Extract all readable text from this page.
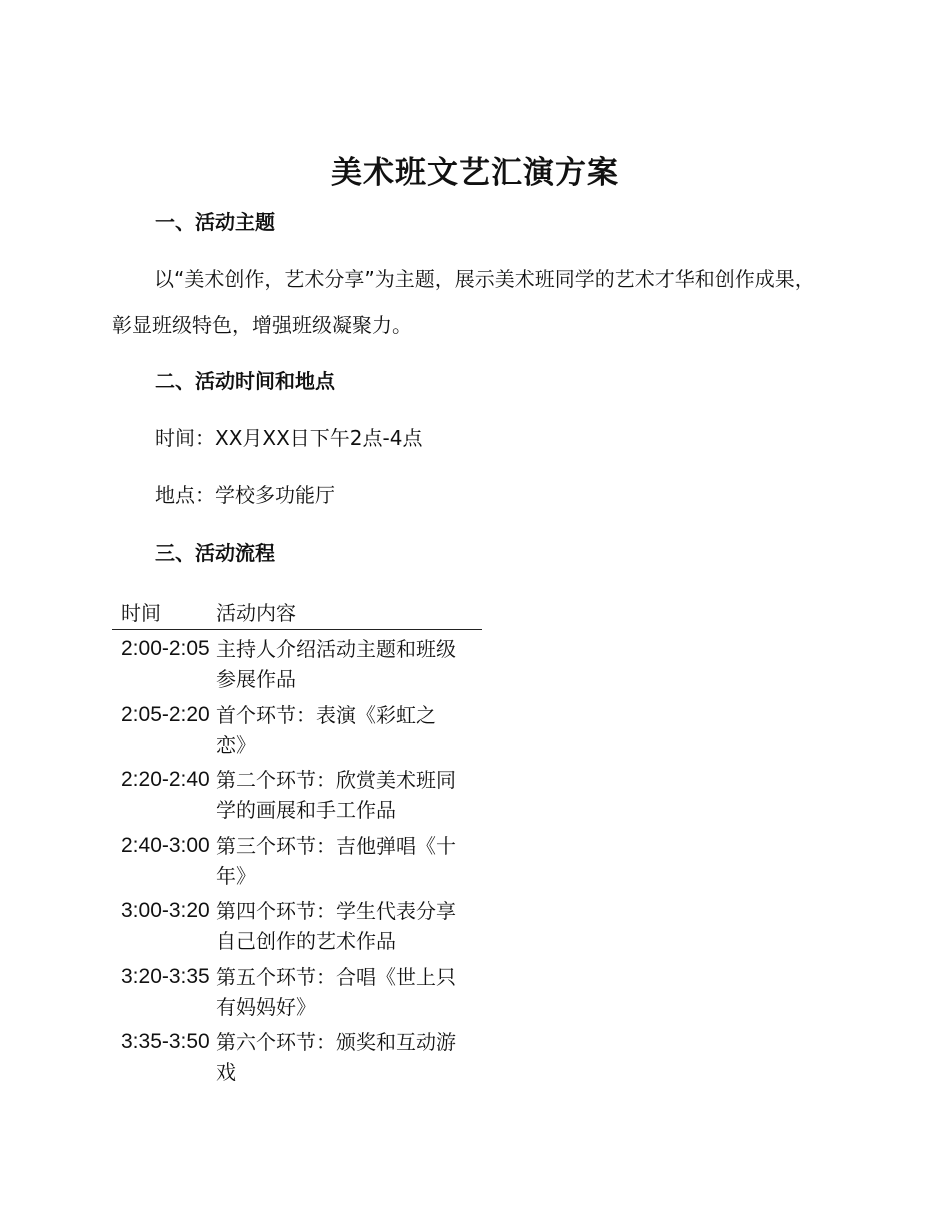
美术班文艺汇演方案
一、活动主题
以“美术创作，艺术分享”为主题，展示美术班同学的艺术才华和创作成果，彰显班级特色，增强班级凝聚力。
二、活动时间和地点
时间：XX月XX日下午2点-4点
地点：学校多功能厅
三、活动流程
时间	活动内容
2:00-2:05 主持人介绍活动主题和班级参展作品
2:05-2:20 首个环节：表演《彩虹之恋》
2:20-2:40 第二个环节：欣赏美术班同学的画展和手工作品
2:40-3:00 第三个环节：吉他弹唱《十年》
3:00-3:20 第四个环节：学生代表分享自己创作的艺术作品
3:20-3:35 第五个环节：合唱《世上只有妈妈好》
3:35-3:50 第六个环节：颁奖和互动游戏
